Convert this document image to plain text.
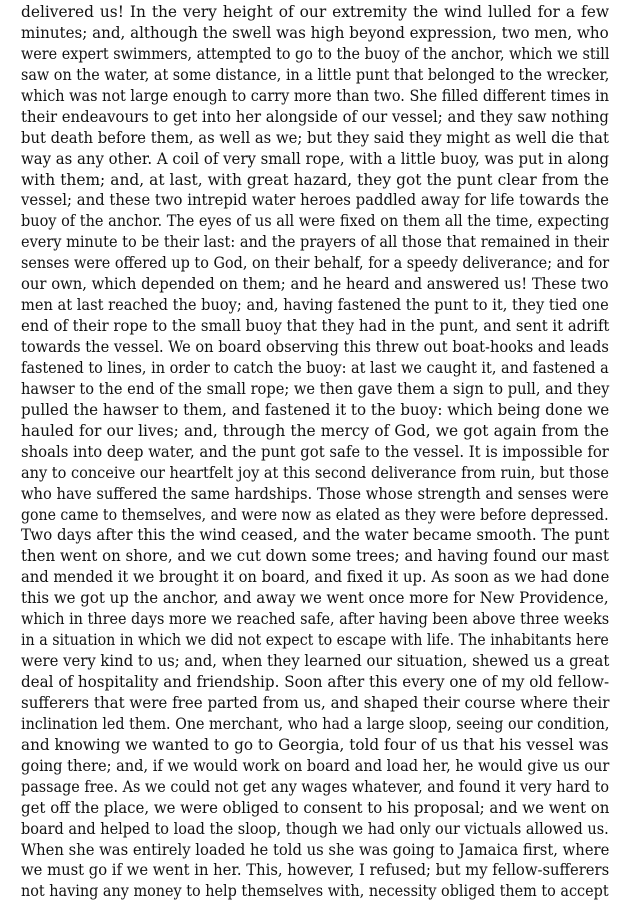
delivered us! In the very height of our extremity the wind lulled for a few
minutes; and, although the swell was high beyond expression, two men, who
were expert swimmers, attempted to go to the buoy of the anchor, which we still
saw on the water, at some distance, in a little punt that belonged to the wrecker,
which was not large enough to carry more than two. She filled different times in
their endeavours to get into her alongside of our vessel; and they saw nothing
but death before them, as well as we; but they said they might as well die that
way as any other. A coil of very small rope, with a little buoy, was put in along
with them; and, at last, with great hazard, they got the punt clear from the
vessel; and these two intrepid water heroes paddled away for life towards the
buoy of the anchor. The eyes of us all were fixed on them all the time, expecting
every minute to be their last: and the prayers of all those that remained in their
senses were offered up to God, on their behalf, for a speedy deliverance; and for
our own, which depended on them; and he heard and answered us! These two
men at last reached the buoy; and, having fastened the punt to it, they tied one
end of their rope to the small buoy that they had in the punt, and sent it adrift
towards the vessel. We on board observing this threw out boat-hooks and leads
fastened to lines, in order to catch the buoy: at last we caught it, and fastened a
hawser to the end of the small rope; we then gave them a sign to pull, and they
pulled the hawser to them, and fastened it to the buoy: which being done we
hauled for our lives; and, through the mercy of God, we got again from the
shoals into deep water, and the punt got safe to the vessel. It is impossible for
any to conceive our heartfelt joy at this second deliverance from ruin, but those
who have suffered the same hardships. Those whose strength and senses were
gone came to themselves, and were now as elated as they were before depressed.
Two days after this the wind ceased, and the water became smooth. The punt
then went on shore, and we cut down some trees; and having found our mast
and mended it we brought it on board, and fixed it up. As soon as we had done
this we got up the anchor, and away we went once more for New Providence,
which in three days more we reached safe, after having been above three weeks
in a situation in which we did not expect to escape with life. The inhabitants here
were very kind to us; and, when they learned our situation, shewed us a great
deal of hospitality and friendship. Soon after this every one of my old fellow-
sufferers that were free parted from us, and shaped their course where their
inclination led them. One merchant, who had a large sloop, seeing our condition,
and knowing we wanted to go to Georgia, told four of us that his vessel was
going there; and, if we would work on board and load her, he would give us our
passage free. As we could not get any wages whatever, and found it very hard to
get off the place, we were obliged to consent to his proposal; and we went on
board and helped to load the sloop, though we had only our victuals allowed us.
When she was entirely loaded he told us she was going to Jamaica first, where
we must go if we went in her. This, however, I refused; but my fellow-sufferers
not having any money to help themselves with, necessity obliged them to accept
